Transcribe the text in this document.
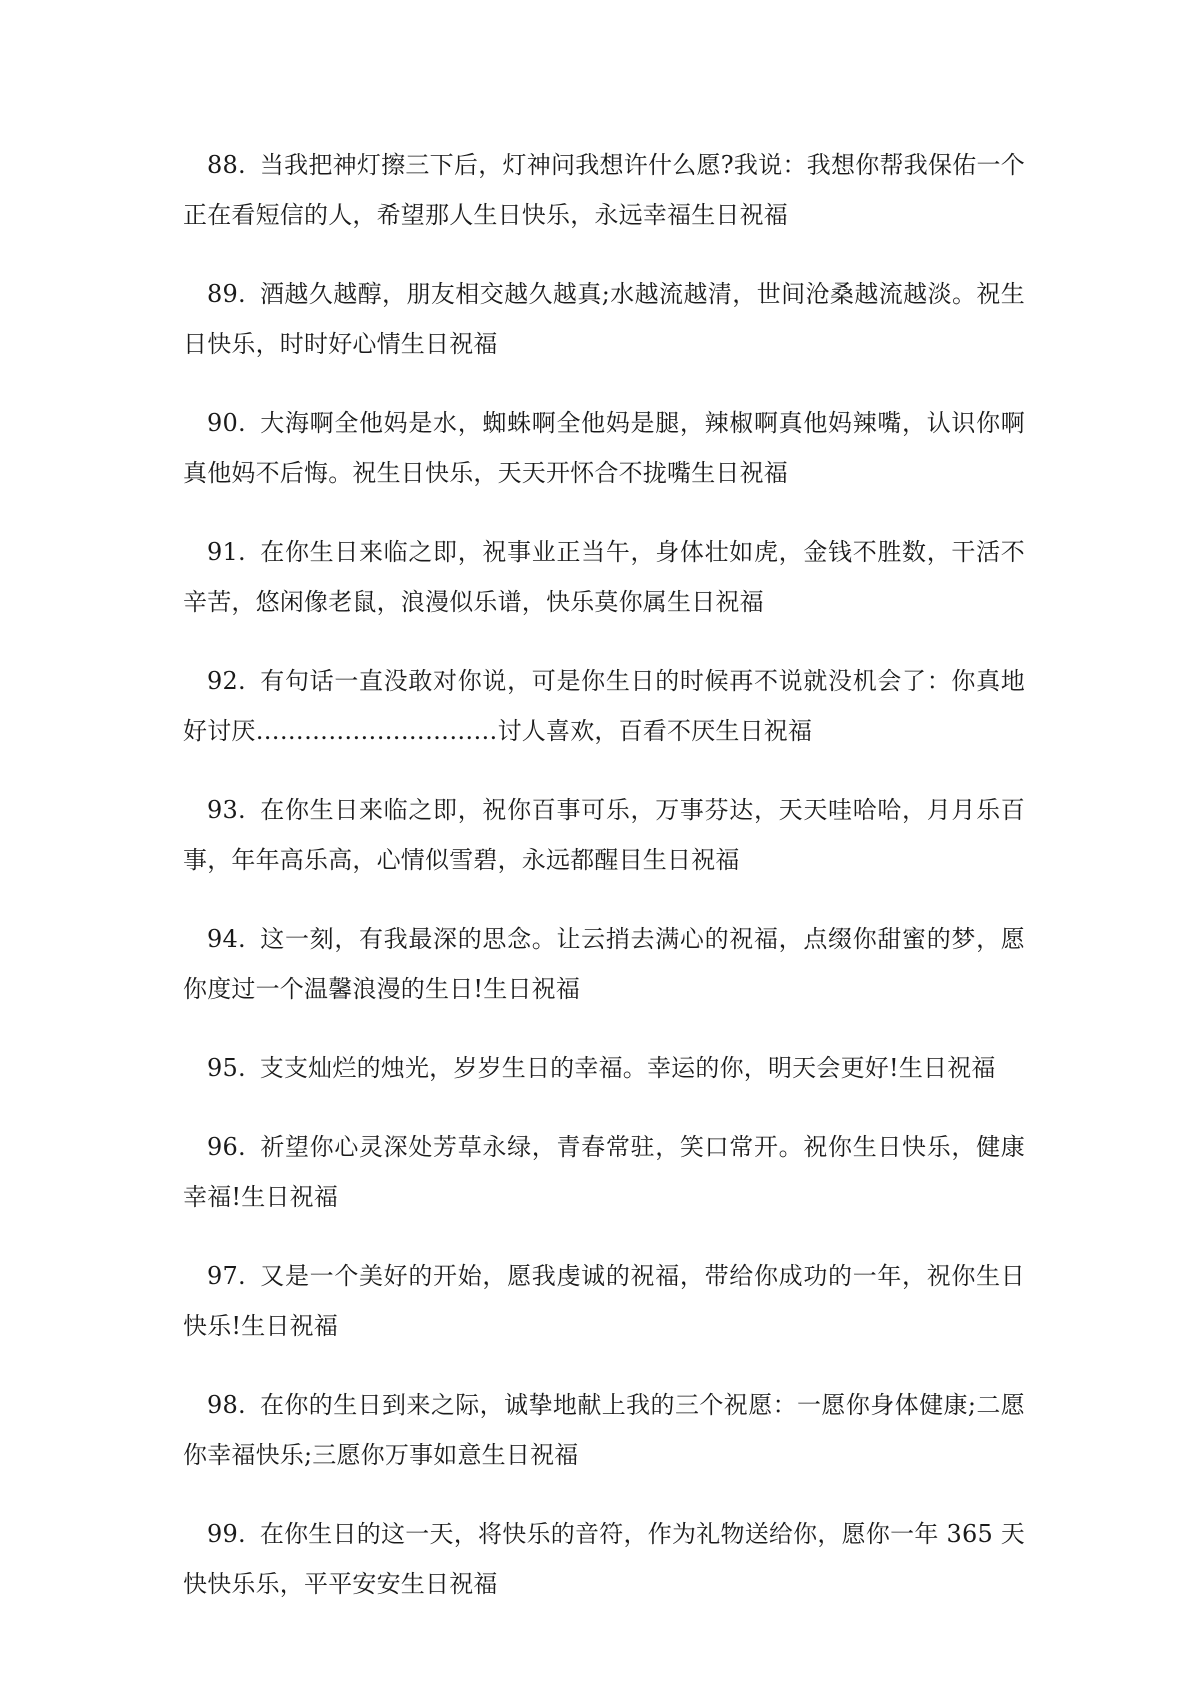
88. 当我把神灯擦三下后，灯神问我想许什么愿?我说：我想你帮我保佑一个正在看短信的人，希望那人生日快乐，永远幸福生日祝福

89. 酒越久越醇，朋友相交越久越真;水越流越清，世间沧桑越流越淡。祝生日快乐，时时好心情生日祝福

90. 大海啊全他妈是水，蜘蛛啊全他妈是腿，辣椒啊真他妈辣嘴，认识你啊真他妈不后悔。祝生日快乐，天天开怀合不拢嘴生日祝福

91. 在你生日来临之即，祝事业正当午，身体壮如虎，金钱不胜数，干活不辛苦，悠闲像老鼠，浪漫似乐谱，快乐莫你属生日祝福

92. 有句话一直没敢对你说，可是你生日的时候再不说就没机会了：你真地好讨厌…………………………讨人喜欢，百看不厌生日祝福

93. 在你生日来临之即，祝你百事可乐，万事芬达，天天哇哈哈，月月乐百事，年年高乐高，心情似雪碧，永远都醒目生日祝福

94. 这一刻，有我最深的思念。让云捎去满心的祝福，点缀你甜蜜的梦，愿你度过一个温馨浪漫的生日!生日祝福

95. 支支灿烂的烛光，岁岁生日的幸福。幸运的你，明天会更好!生日祝福

96. 祈望你心灵深处芳草永绿，青春常驻，笑口常开。祝你生日快乐，健康幸福!生日祝福

97. 又是一个美好的开始，愿我虔诚的祝福，带给你成功的一年，祝你生日快乐!生日祝福

98. 在你的生日到来之际，诚挚地献上我的三个祝愿：一愿你身体健康;二愿你幸福快乐;三愿你万事如意生日祝福

99. 在你生日的这一天，将快乐的音符，作为礼物送给你，愿你一年 365 天快快乐乐，平平安安生日祝福
